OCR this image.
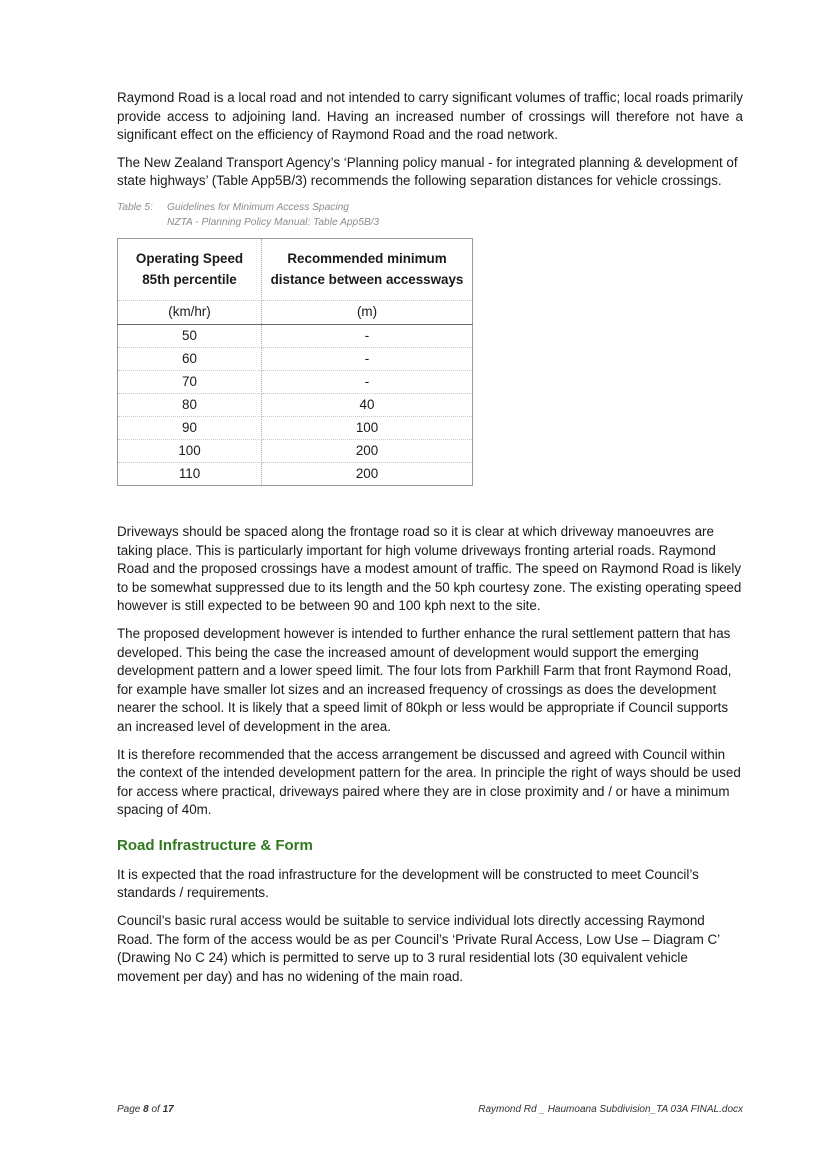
Raymond Road is a local road and not intended to carry significant volumes of traffic; local roads primarily provide access to adjoining land. Having an increased number of crossings will therefore not have a significant effect on the efficiency of Raymond Road and the road network.

The New Zealand Transport Agency’s ‘Planning policy manual - for integrated planning & development of state highways’ (Table App5B/3) recommends the following separation distances for vehicle crossings.

Table 5:	Guidelines for Minimum Access Spacing
NZTA - Planning Policy Manual: Table App5B/3
Operating Speed
85th percentile	Recommended minimum
distance between accessways
(km/hr)	(m)
50	-
60	-
70	-
80	40
90	100
100	200
110	200

Driveways should be spaced along the frontage road so it is clear at which driveway manoeuvres are taking place. This is particularly important for high volume driveways fronting arterial roads. Raymond Road and the proposed crossings have a modest amount of traffic. The speed on Raymond Road is likely to be somewhat suppressed due to its length and the 50 kph courtesy zone. The existing operating speed however is still expected to be between 90 and 100 kph next to the site.

The proposed development however is intended to further enhance the rural settlement pattern that has developed. This being the case the increased amount of development would support the emerging development pattern and a lower speed limit. The four lots from Parkhill Farm that front Raymond Road, for example have smaller lot sizes and an increased frequency of crossings as does the development nearer the school. It is likely that a speed limit of 80kph or less would be appropriate if Council supports an increased level of development in the area.

It is therefore recommended that the access arrangement be discussed and agreed with Council within the context of the intended development pattern for the area. In principle the right of ways should be used for access where practical, driveways paired where they are in close proximity and / or have a minimum spacing of 40m.

Road Infrastructure & Form

It is expected that the road infrastructure for the development will be constructed to meet Council’s standards / requirements.

Council’s basic rural access would be suitable to service individual lots directly accessing Raymond Road. The form of the access would be as per Council’s ‘Private Rural Access, Low Use – Diagram C’ (Drawing No C 24) which is permitted to serve up to 3 rural residential lots (30 equivalent vehicle movement per day) and has no widening of the main road.

Page 8 of 17	Raymond Rd _ Haumoana Subdivision_TA 03A FINAL.docx
